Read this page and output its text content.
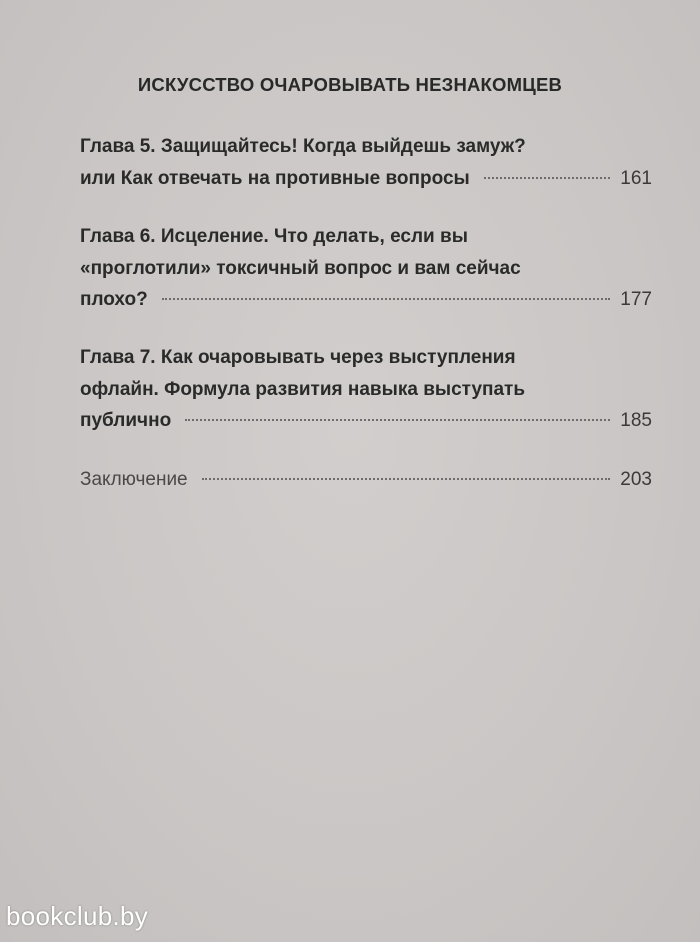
ИСКУССТВО ОЧАРОВЫВАТЬ НЕЗНАКОМЦЕВ
Глава 5. Защищайтесь! Когда выйдешь замуж?
или Как отвечать на противные вопросы	161
Глава 6. Исцеление. Что делать, если вы
«проглотили» токсичный вопрос и вам сейчас
плохо?	177
Глава 7. Как очаровывать через выступления
офлайн. Формула развития навыка выступать
публично	185
Заключение	203
bookclub.by
